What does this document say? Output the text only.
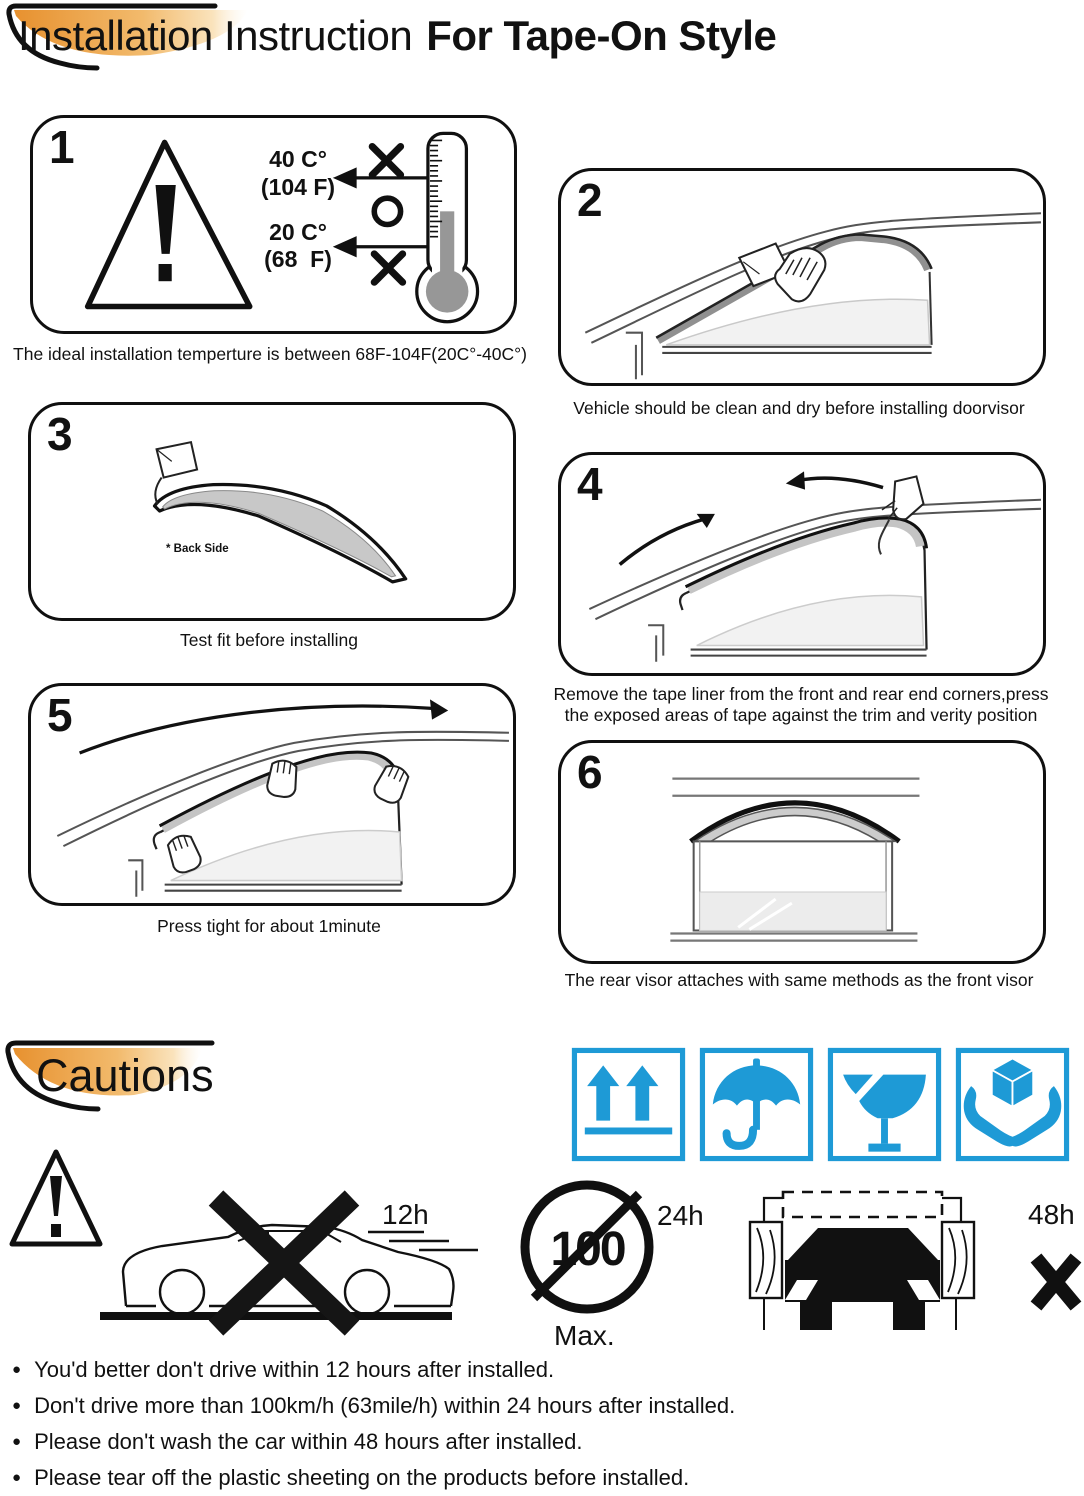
Installation Instruction For Tape-On Style
1	40 C°
(104 F)
20 C°
(68  F)
The ideal installation temperture is between 68F-104F(20C°-40C°)
2
Vehicle should be clean and dry before installing doorvisor
3
* Back Side
Test fit before installing
4
Remove the tape liner from the front and rear end corners,press the exposed areas of tape against the trim and verity position
5
Press tight for about 1minute
6
The rear visor attaches with same methods as the front visor
Cautions
12h	24h	48h
Max.
100
● You'd better don't drive within 12 hours after installed.
● Don't drive more than 100km/h (63mile/h) within 24 hours after installed.
● Please don't wash the car within 48 hours after installed.
● Please tear off the plastic sheeting on the products before installed.
